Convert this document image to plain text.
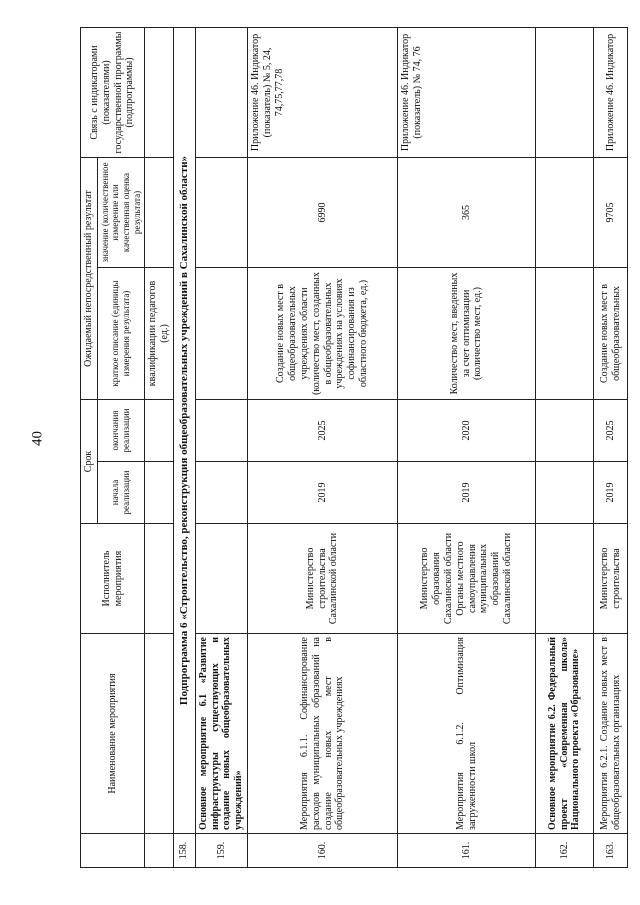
40
	Наименование мероприятия	Исполнитель мероприятия	Срок		Ожидаемый непосредственный результат		Связь с индикаторами (показателями) государственной программы (подпрограммы)
			начала реализации	окончания реализации	краткое описание (единицы измерения результата)	значение (количественное измерение или качественная оценка результата)	
					квалификации педагогов (ед.)		
158.	Подпрограмма 6 «Строительство, реконструкция общеобразовательных учреждений в Сахалинской области»						
159.	Основное мероприятие 6.1 «Развитие инфраструктуры существующих и создание новых общеобразовательных учреждений»						
160.	Мероприятия 6.1.1. Софинансирование расходов муниципальных образований на создание новых мест в общеобразовательных учреждениях	Министерство строительства Сахалинской области	2019	2025	Создание новых мест в общеобразовательных учреждениях области (количество мест, созданных в общеобразовательных учреждениях на условиях софинансирования из областного бюджета, ед.)	6990	Приложение 46. Индикатор (показатель) № 5, 24, 74,75,77,78
161.	Мероприятия 6.1.2. Оптимизация загруженности школ	Министерство образования Сахалинской области Органы местного самоуправления муниципальных образований Сахалинской области	2019	2020	Количество мест, введенных за счет оптимизации (количество мест, ед.)	365	Приложение 46. Индикатор (показатель) № 74, 76
162.	Основное мероприятие 6.2. Федеральный проект «Современная школа» Национального проекта «Образование»						
163.	Мероприятия 6.2.1. Создание новых мест в общеобразовательных организациях	Министерство строительства	2019	2025	Создание новых мест в общеобразовательных	9705	Приложение 46. Индикатор
